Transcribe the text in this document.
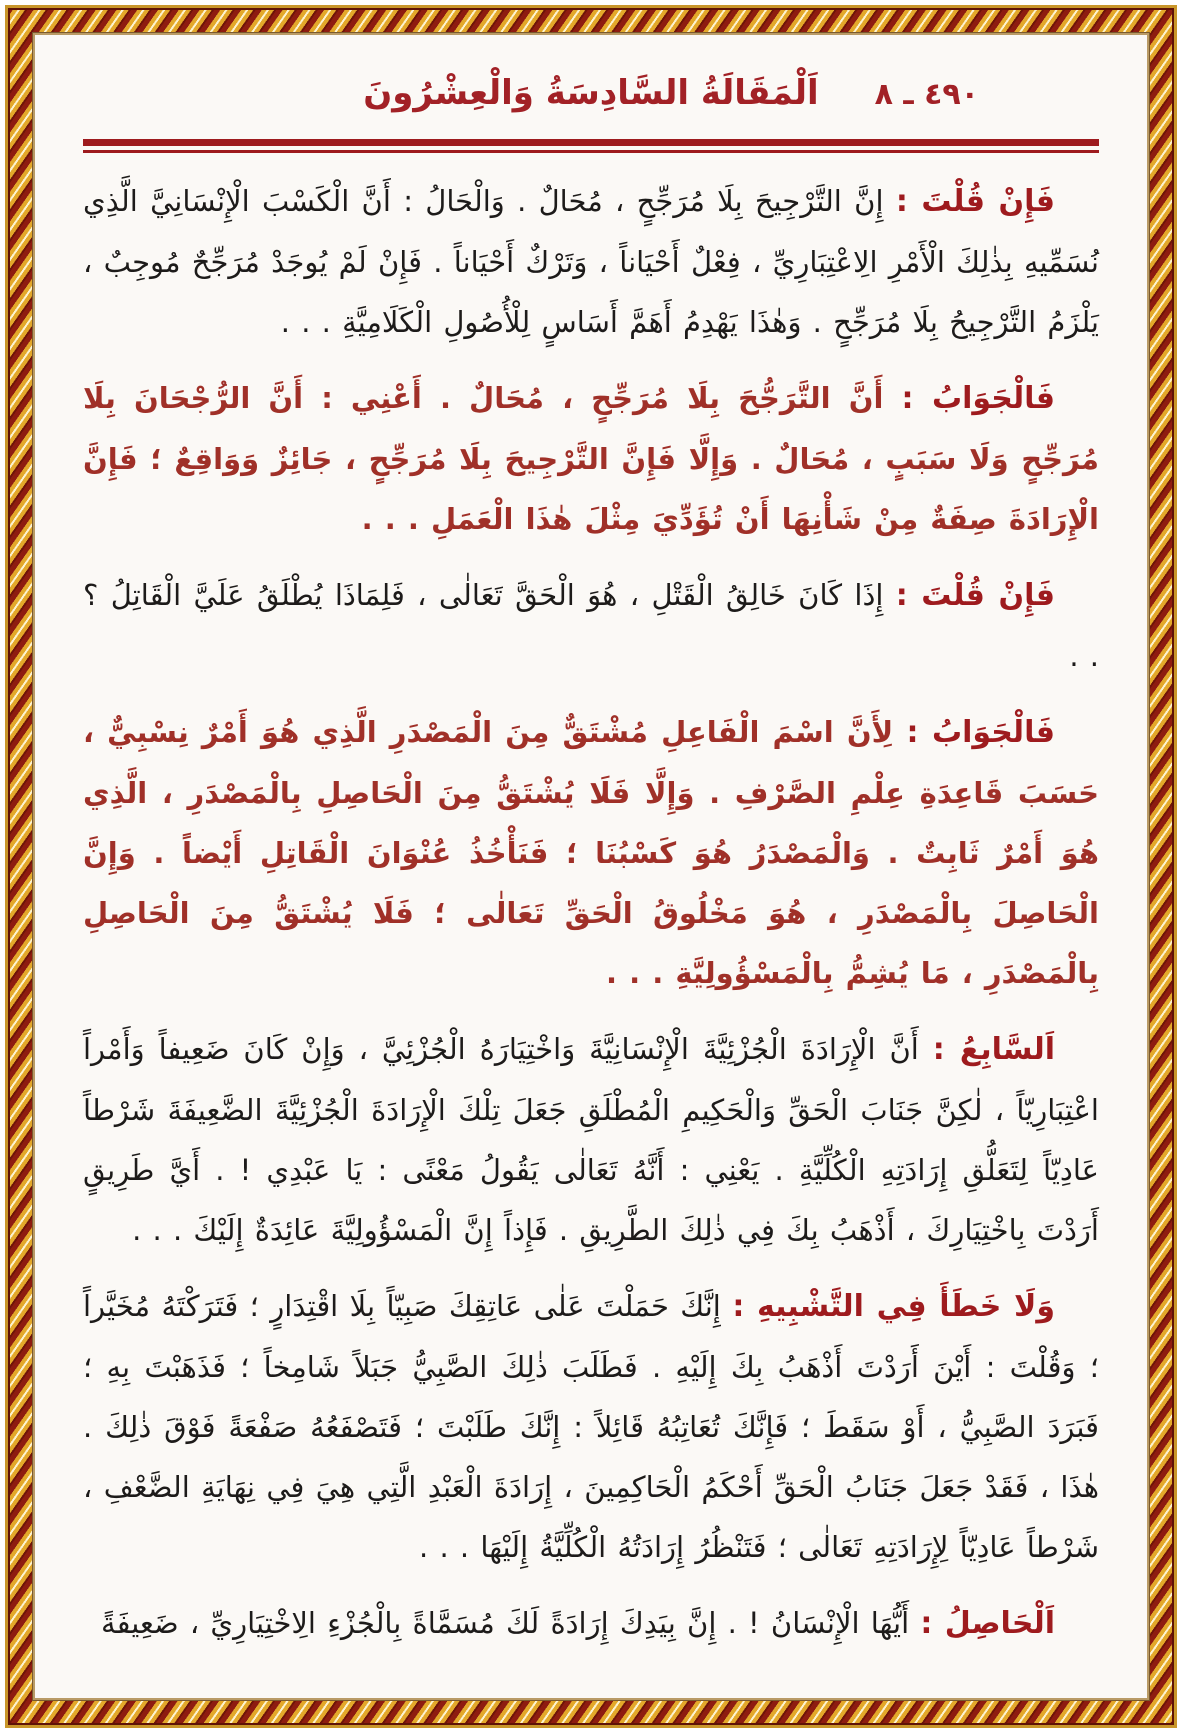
٤٩٠ ـ ٨
اَلْمَقَالَةُ السَّادِسَةُ وَالْعِشْرُونَ

فَإِنْ قُلْتَ : إِنَّ التَّرْجِيحَ بِلَا مُرَجِّحٍ ، مُحَالٌ . وَالْحَالُ : أَنَّ الْكَسْبَ الْإِنْسَانِيَّ الَّذِي نُسَمِّيهِ بِذٰلِكَ الْأَمْرِ الِاعْتِبَارِيِّ ، فِعْلٌ أَحْيَاناً ، وَتَرْكٌ أَحْيَاناً . فَإِنْ لَمْ يُوجَدْ مُرَجِّحٌ مُوجِبٌ ، يَلْزَمُ التَّرْجِيحُ بِلَا مُرَجِّحٍ . وَهٰذَا يَهْدِمُ أَهَمَّ أَسَاسٍ لِلْأُصُولِ الْكَلَامِيَّةِ . . .

فَالْجَوَابُ : أَنَّ التَّرَجُّحَ بِلَا مُرَجِّحٍ ، مُحَالٌ . أَعْنِي : أَنَّ الرُّجْحَانَ بِلَا مُرَجِّحٍ وَلَا سَبَبٍ ، مُحَالٌ . وَإِلَّا فَإِنَّ التَّرْجِيحَ بِلَا مُرَجِّحٍ ، جَائِزٌ وَوَاقِعٌ ؛ فَإِنَّ الْإِرَادَةَ صِفَةٌ مِنْ شَأْنِهَا أَنْ تُؤَدِّيَ مِثْلَ هٰذَا الْعَمَلِ . . .

فَإِنْ قُلْتَ : إِذَا كَانَ خَالِقُ الْقَتْلِ ، هُوَ الْحَقَّ تَعَالٰى ، فَلِمَاذَا يُطْلَقُ عَلَيَّ الْقَاتِلُ ؟ . .

فَالْجَوَابُ : لِأَنَّ اسْمَ الْفَاعِلِ مُشْتَقٌّ مِنَ الْمَصْدَرِ الَّذِي هُوَ أَمْرٌ نِسْبِيٌّ ، حَسَبَ قَاعِدَةِ عِلْمِ الصَّرْفِ . وَإِلَّا فَلَا يُشْتَقُّ مِنَ الْحَاصِلِ بِالْمَصْدَرِ ، الَّذِي هُوَ أَمْرٌ ثَابِتٌ . وَالْمَصْدَرُ هُوَ كَسْبُنَا ؛ فَنَأْخُذُ عُنْوَانَ الْقَاتِلِ أَيْضاً . وَإِنَّ الْحَاصِلَ بِالْمَصْدَرِ ، هُوَ مَخْلُوقُ الْحَقِّ تَعَالٰى ؛ فَلَا يُشْتَقُّ مِنَ الْحَاصِلِ بِالْمَصْدَرِ ، مَا يُشِمُّ بِالْمَسْؤُولِيَّةِ . . .

اَلسَّابِعُ : أَنَّ الْإِرَادَةَ الْجُزْئِيَّةَ الْإِنْسَانِيَّةَ وَاخْتِيَارَهُ الْجُزْئِيَّ ، وَإِنْ كَانَ ضَعِيفاً وَأَمْراً اعْتِبَارِيّاً ، لٰكِنَّ جَنَابَ الْحَقِّ وَالْحَكِيمِ الْمُطْلَقِ جَعَلَ تِلْكَ الْإِرَادَةَ الْجُزْئِيَّةَ الضَّعِيفَةَ شَرْطاً عَادِيّاً لِتَعَلُّقِ إِرَادَتِهِ الْكُلِّيَّةِ . يَعْنِي : أَنَّهُ تَعَالٰى يَقُولُ مَعْنًى : يَا عَبْدِي ! . أَيَّ طَرِيقٍ أَرَدْتَ بِاخْتِيَارِكَ ، أَذْهَبُ بِكَ فِي ذٰلِكَ الطَّرِيقِ . فَإِذاً إِنَّ الْمَسْؤُولِيَّةَ عَائِدَةٌ إِلَيْكَ . . .

وَلَا خَطَأَ فِي التَّشْبِيهِ : إِنَّكَ حَمَلْتَ عَلٰى عَاتِقِكَ صَبِيّاً بِلَا اقْتِدَارٍ ؛ فَتَرَكْتَهُ مُخَيَّراً ؛ وَقُلْتَ : أَيْنَ أَرَدْتَ أَذْهَبُ بِكَ إِلَيْهِ . فَطَلَبَ ذٰلِكَ الصَّبِيُّ جَبَلاً شَامِخاً ؛ فَذَهَبْتَ بِهِ ؛ فَبَرَدَ الصَّبِيُّ ، أَوْ سَقَطَ ؛ فَإِنَّكَ تُعَاتِبُهُ قَائِلاً : إِنَّكَ طَلَبْتَ ؛ فَتَصْفَعُهُ صَفْعَةً فَوْقَ ذٰلِكَ . هٰذَا ، فَقَدْ جَعَلَ جَنَابُ الْحَقِّ أَحْكَمُ الْحَاكِمِينَ ، إِرَادَةَ الْعَبْدِ الَّتِي هِيَ فِي نِهَايَةِ الضَّعْفِ ، شَرْطاً عَادِيّاً لِإِرَادَتِهِ تَعَالٰى ؛ فَتَنْظُرُ إِرَادَتُهُ الْكُلِّيَّةُ إِلَيْهَا . . .

اَلْحَاصِلُ : أَيُّهَا الْإِنْسَانُ ! . إِنَّ بِيَدِكَ إِرَادَةً لَكَ مُسَمَّاةً بِالْجُزْءِ الِاخْتِيَارِيِّ ، ضَعِيفَةً
